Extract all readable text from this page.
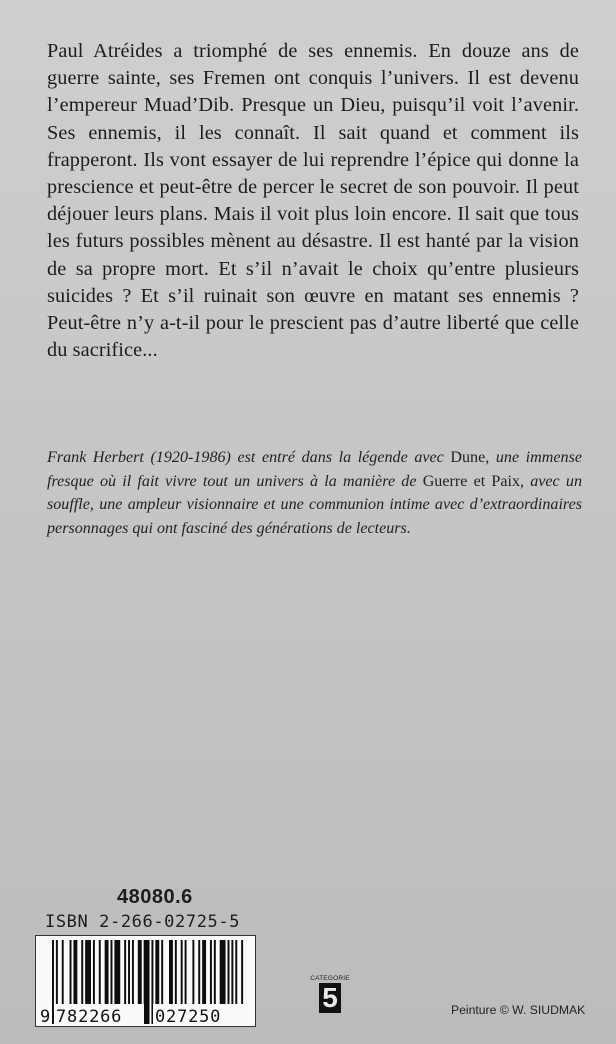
Paul Atréides a triomphé de ses ennemis. En douze ans de guerre sainte, ses Fremen ont conquis l’univers. Il est devenu l’empereur Muad’Dib. Presque un Dieu, puisqu’il voit l’avenir. Ses ennemis, il les connaît. Il sait quand et comment ils frapperont. Ils vont essayer de lui reprendre l’épice qui donne la prescience et peut-être de percer le secret de son pouvoir. Il peut déjouer leurs plans. Mais il voit plus loin encore. Il sait que tous les futurs possibles mènent au désastre. Il est hanté par la vision de sa propre mort. Et s’il n’avait le choix qu’entre plusieurs suicides ? Et s’il ruinait son œuvre en matant ses ennemis ? Peut-être n’y a-t-il pour le prescient pas d’autre liberté que celle du sacrifice...
Frank Herbert (1920-1986) est entré dans la légende avec Dune, une immense fresque où il fait vivre tout un univers à la manière de Guerre et Paix, avec un souffle, une ampleur visionnaire et une communion intime avec d’extraordinaires personnages qui ont fasciné des générations de lecteurs.
48080.6
ISBN 2-266-02725-5
9 782266 027250
CATEGORIE
5	Peinture © W. SIUDMAK
